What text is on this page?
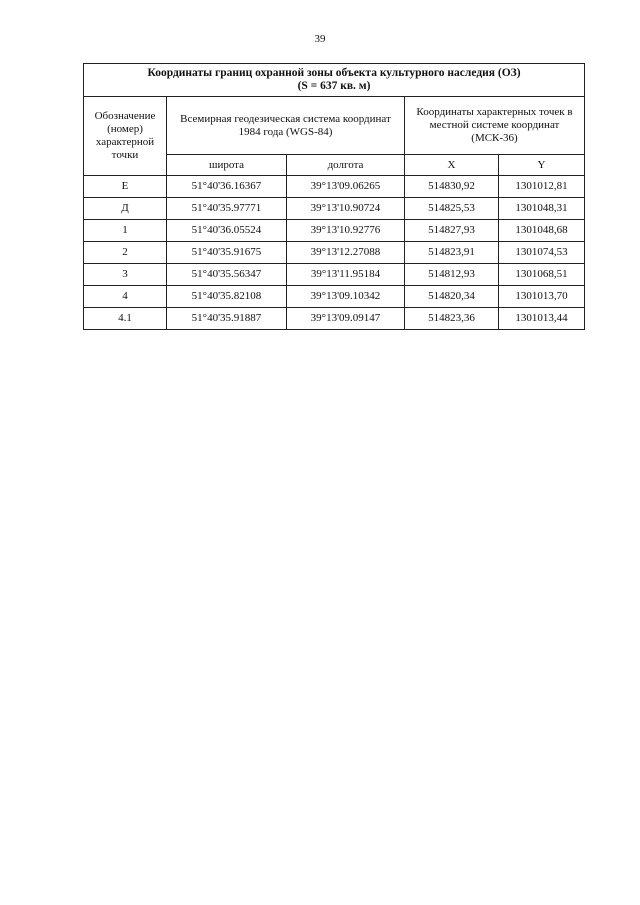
39
Координаты границ охранной зоны объекта культурного наследия (ОЗ)
(S = 637 кв. м)				

Обозначение (номер) характерной точки	Всемирная геодезическая система координат 1984 года (WGS-84)		Координаты характерных точек в местной системе координат (МСК-36)	
	широта	долгота	X	Y
Е	51°40'36.16367	39°13'09.06265	514830,92	1301012,81
Д	51°40'35.97771	39°13'10.90724	514825,53	1301048,31
1	51°40'36.05524	39°13'10.92776	514827,93	1301048,68
2	51°40'35.91675	39°13'12.27088	514823,91	1301074,53
3	51°40'35.56347	39°13'11.95184	514812,93	1301068,51
4	51°40'35.82108	39°13'09.10342	514820,34	1301013,70
4.1	51°40'35.91887	39°13'09.09147	514823,36	1301013,44
